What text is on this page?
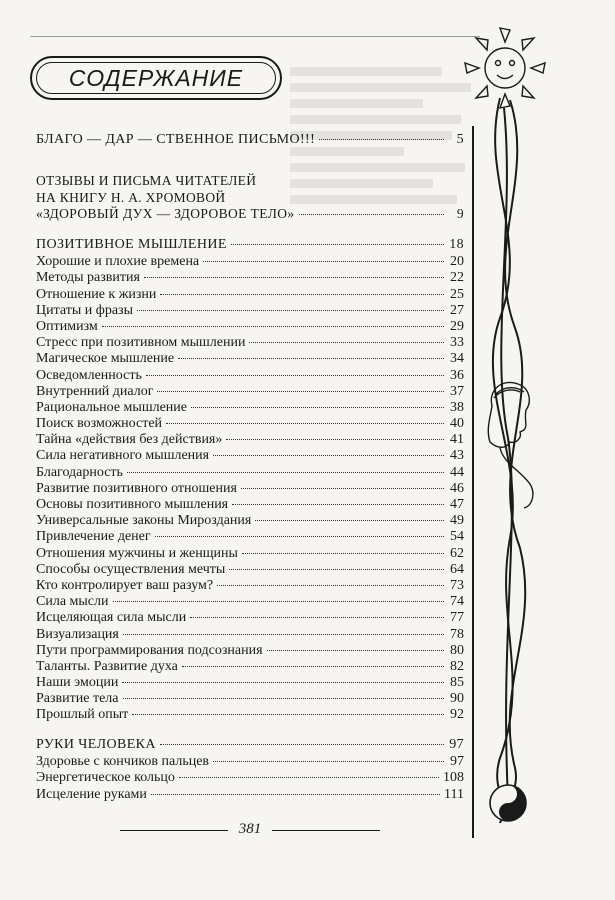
СОДЕРЖАНИЕ
БЛАГО — ДАР — СТВЕННОЕ ПИСЬМО!!!	5
ОТЗЫВЫ И ПИСЬМА ЧИТАТЕЛЕЙ
НА КНИГУ Н. А. ХРОМОВОЙ
«ЗДОРОВЫЙ ДУХ — ЗДОРОВОЕ ТЕЛО»	9
ПОЗИТИВНОЕ МЫШЛЕНИЕ	18
Хорошие и плохие времена	20
Методы развития	22
Отношение к жизни	25
Цитаты и фразы	27
Оптимизм	29
Стресс при позитивном мышлении	33
Магическое мышление	34
Осведомленность	36
Внутренний диалог	37
Рациональное мышление	38
Поиск возможностей	40
Тайна «действия без действия»	41
Сила негативного мышления	43
Благодарность	44
Развитие позитивного отношения	46
Основы позитивного мышления	47
Универсальные законы Мироздания	49
Привлечение денег	54
Отношения мужчины и женщины	62
Способы осуществления мечты	64
Кто контролирует ваш разум?	73
Сила мысли	74
Исцеляющая сила мысли	77
Визуализация	78
Пути программирования подсознания	80
Таланты. Развитие духа	82
Наши эмоции	85
Развитие тела	90
Прошлый опыт	92
РУКИ ЧЕЛОВЕКА	97
Здоровье с кончиков пальцев	97
Энергетическое кольцо	108
Исцеление руками	111
381
